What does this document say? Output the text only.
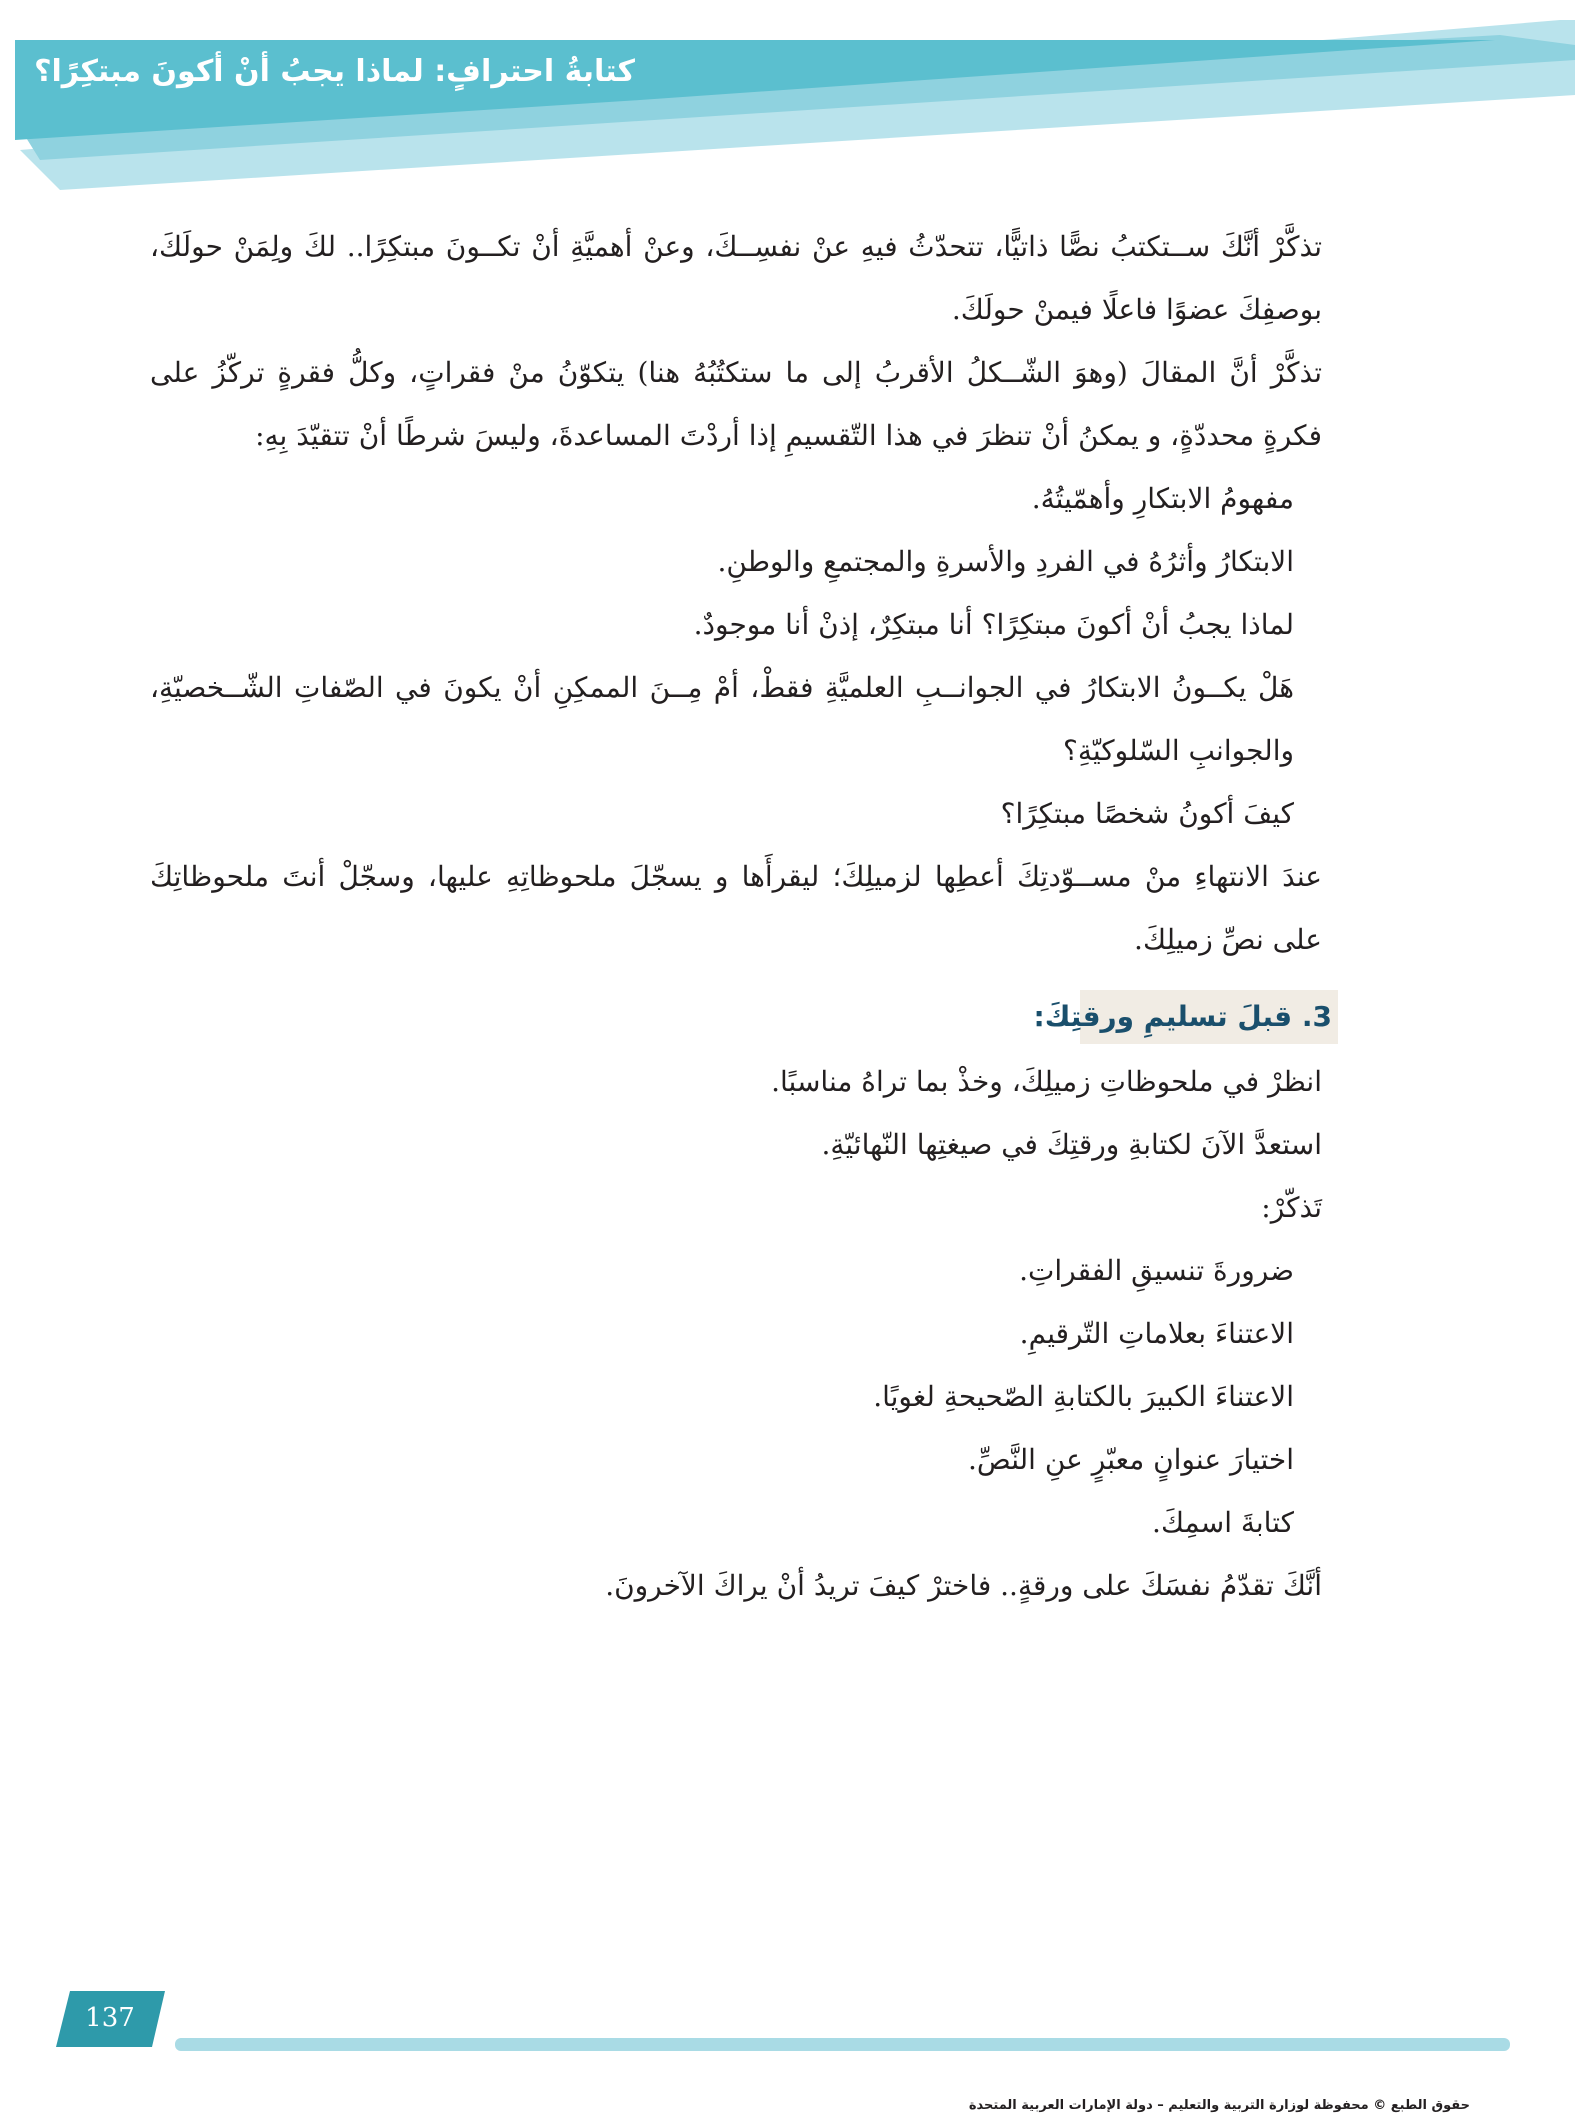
كتابةُ احترافٍ: لماذا يجبُ أنْ أكونَ مبتكِرًا؟

تذكَّرْ أنَّكَ ســتكتبُ نصًّا ذاتيًّا، تتحدّثُ فيهِ عنْ نفسِــكَ، وعنْ أهميَّةِ أنْ تكــونَ مبتكِرًا.. لكَ ولِمَنْ حولَكَ، بوصفِكَ عضوًا فاعلًا فيمنْ حولَكَ.

تذكَّرْ أنَّ المقالَ (وهوَ الشّــكلُ الأقربُ إلى ما ستكتُبُهُ هنا) يتكوّنُ منْ فقراتٍ، وكلُّ فقرةٍ تركّزُ على فكرةٍ محددّةٍ، و يمكنُ أنْ تنظرَ في هذا التّقسيمِ إذا أردْتَ المساعدةَ، وليسَ شرطًا أنْ تتقيّدَ بِهِ:

مفهومُ الابتكارِ وأهمّيتُهُ.

الابتكارُ وأثرُهُ في الفردِ والأسرةِ والمجتمعِ والوطنِ.

لماذا يجبُ أنْ أكونَ مبتكِرًا؟ أنا مبتكِرٌ، إذنْ أنا موجودٌ.

هَلْ يكــونُ الابتكارُ في الجوانــبِ العلميَّةِ فقطْ، أمْ مِــنَ الممكِنِ أنْ يكونَ في الصّفاتِ الشّــخصيّةِ، والجوانبِ السّلوكيّةِ؟

كيفَ أكونُ شخصًا مبتكِرًا؟

عندَ الانتهاءِ منْ مســوّدتِكَ أعطِها لزميلِكَ؛ ليقرأَها و يسجّلَ ملحوظاتِهِ عليها، وسجّلْ أنتَ ملحوظاتِكَ على نصِّ زميلِكَ.

3. قبلَ تسليمِ ورقتِكَ:

انظرْ في ملحوظاتِ زميلِكَ، وخذْ بما تراهُ مناسبًا.

استعدَّ الآنَ لكتابةِ ورقتِكَ في صيغتِها النّهائيّةِ.

تَذكّرْ:

ضرورةَ تنسيقِ الفقراتِ.

الاعتناءَ بعلاماتِ التّرقيمِ.

الاعتناءَ الكبيرَ بالكتابةِ الصّحيحةِ لغويًا.

اختيارَ عنوانٍ معبّرٍ عنِ النَّصِّ.

كتابةَ اسمِكَ.

أنَّكَ تقدّمُ نفسَكَ على ورقةٍ.. فاخترْ كيفَ تريدُ أنْ يراكَ الآخرونَ.

137
حقوق الطبع © محفوظة لوزارة التربية والتعليم – دولة الإمارات العربية المتحدة
